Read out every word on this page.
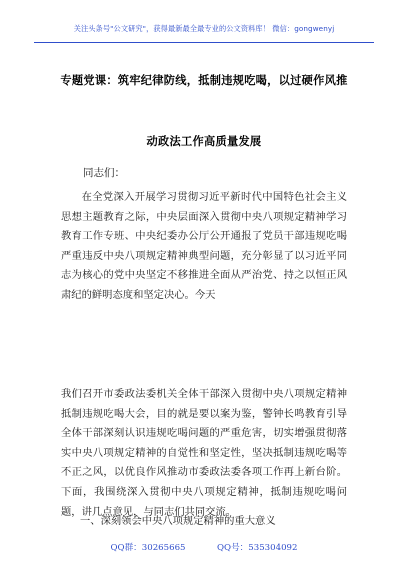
关注头条号"公文研究"，获得最新最全最专业的公文资料库！ 微信：gongwenyj
专题党课：筑牢纪律防线，抵制违规吃喝，以过硬作风推
动政法工作高质量发展
同志们：

在全党深入开展学习贯彻习近平新时代中国特色社会主义思想主题教育之际，中央层面深入贯彻中央八项规定精神学习教育工作专班、中央纪委办公厅公开通报了党员干部违规吃喝严重违反中央八项规定精神典型问题，充分彰显了以习近平同志为核心的党中央坚定不移推进全面从严治党、持之以恒正风肃纪的鲜明态度和坚定决心。今天

我们召开市委政法委机关全体干部深入贯彻中央八项规定精神抵制违规吃喝大会，目的就是要以案为鉴，警钟长鸣教育引导全体干部深刻认识违规吃喝问题的严重危害，切实增强贯彻落实中央八项规定精神的自觉性和坚定性，坚决抵制违规吃喝等不正之风，以优良作风推动市委政法委各项工作再上新台阶。下面，我围绕深入贯彻中央八项规定精神，抵制违规吃喝问题，讲几点意见，与同志们共同交流。

一、深刻领会中央八项规定精神的重大意义
QQ群：30265665	QQ号：535304092
